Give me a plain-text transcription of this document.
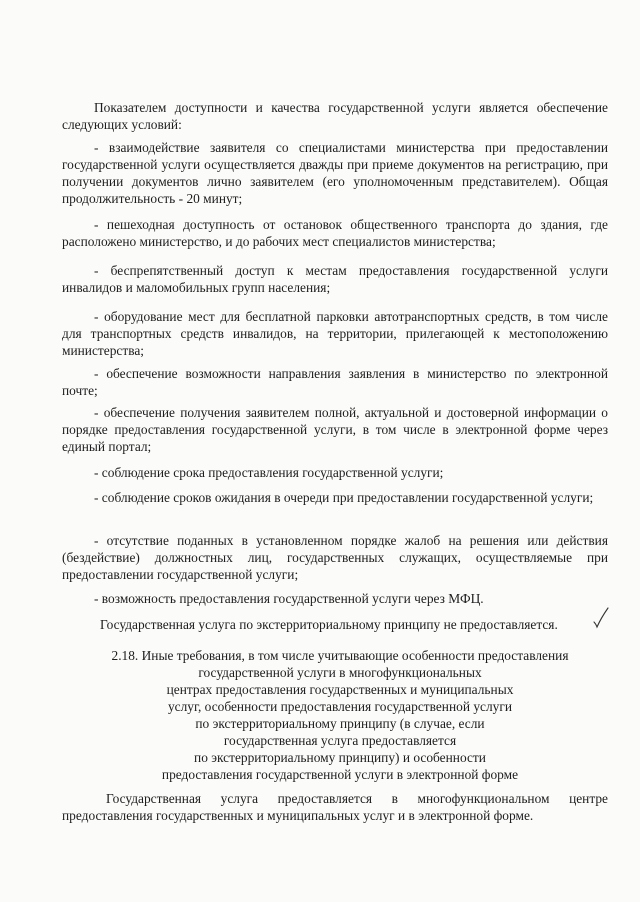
Показателем доступности и качества государственной услуги является обеспечение следующих условий:

- взаимодействие заявителя со специалистами министерства при предоставлении государственной услуги осуществляется дважды при приеме документов на регистрацию, при получении документов лично заявителем (его уполномоченным представителем). Общая продолжительность - 20 минут;

- пешеходная доступность от остановок общественного транспорта до здания, где расположено министерство, и до рабочих мест специалистов министерства;

- беспрепятственный доступ к местам предоставления государственной услуги инвалидов и маломобильных групп населения;

- оборудование мест для бесплатной парковки автотранспортных средств, в том числе для транспортных средств инвалидов, на территории, прилегающей к местоположению министерства;

- обеспечение возможности направления заявления в министерство по электронной почте;

- обеспечение получения заявителем полной, актуальной и достоверной информации о порядке предоставления государственной услуги, в том числе в электронной форме через единый портал;

- соблюдение срока предоставления государственной услуги;

- соблюдение сроков ожидания в очереди при предоставлении государственной услуги;

- отсутствие поданных в установленном порядке жалоб на решения или действия (бездействие) должностных лиц, государственных служащих, осуществляемые при предоставлении государственной услуги;

- возможность предоставления государственной услуги через МФЦ.

Государственная услуга по экстерриториальному принципу не предоставляется.

2.18. Иные требования, в том числе учитывающие особенности предоставления
государственной услуги в многофункциональных
центрах предоставления государственных и муниципальных
услуг, особенности предоставления государственной услуги
по экстерриториальному принципу (в случае, если
государственная услуга предоставляется
по экстерриториальному принципу) и особенности
предоставления государственной услуги в электронной форме
Государственная услуга предоставляется в многофункциональном центре
предоставления государственных и муниципальных услуг и в электронной форме.
